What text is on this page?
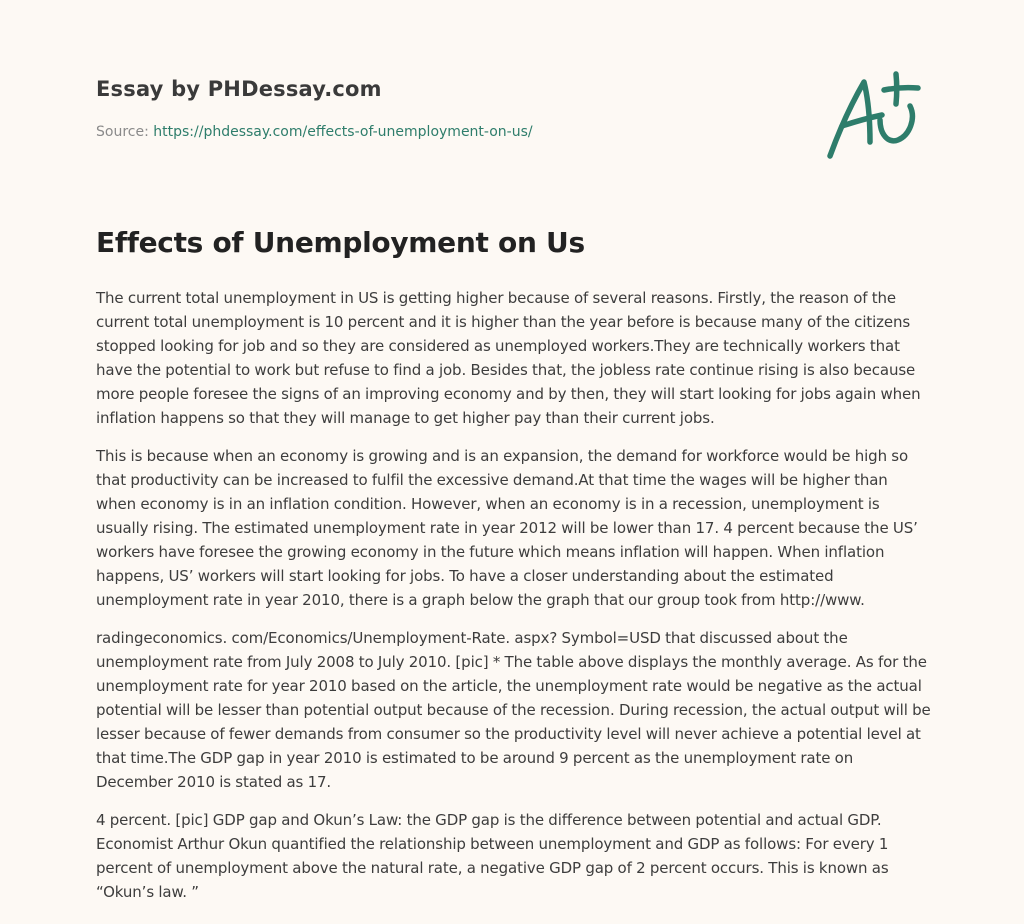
Essay by PHDessay.com
Source: https://phdessay.com/effects-of-unemployment-on-us/
Effects of Unemployment on Us

The current total unemployment in US is getting higher because of several reasons. Firstly, the reason of the current total unemployment is 10 percent and it is higher than the year before is because many of the citizens stopped looking for job and so they are considered as unemployed workers.They are technically workers that have the potential to work but refuse to find a job. Besides that, the jobless rate continue rising is also because more people foresee the signs of an improving economy and by then, they will start looking for jobs again when inflation happens so that they will manage to get higher pay than their current jobs.

This is because when an economy is growing and is an expansion, the demand for workforce would be high so that productivity can be increased to fulfil the excessive demand.At that time the wages will be higher than when economy is in an inflation condition. However, when an economy is in a recession, unemployment is usually rising. The estimated unemployment rate in year 2012 will be lower than 17. 4 percent because the US’ workers have foresee the growing economy in the future which means inflation will happen. When inflation happens, US’ workers will start looking for jobs. To have a closer understanding about the estimated unemployment rate in year 2010, there is a graph below the graph that our group took from http://www.

radingeconomics. com/Economics/Unemployment-Rate. aspx? Symbol=USD that discussed about the unemployment rate from July 2008 to July 2010. [pic] * The table above displays the monthly average. As for the unemployment rate for year 2010 based on the article, the unemployment rate would be negative as the actual potential will be lesser than potential output because of the recession. During recession, the actual output will be lesser because of fewer demands from consumer so the productivity level will never achieve a potential level at that time.The GDP gap in year 2010 is estimated to be around 9 percent as the unemployment rate on December 2010 is stated as 17.

4 percent. [pic] GDP gap and Okun’s Law: the GDP gap is the difference between potential and actual GDP. Economist Arthur Okun quantified the relationship between unemployment and GDP as follows: For every 1 percent of unemployment above the natural rate, a negative GDP gap of 2 percent occurs. This is known as “Okun’s law. ”
